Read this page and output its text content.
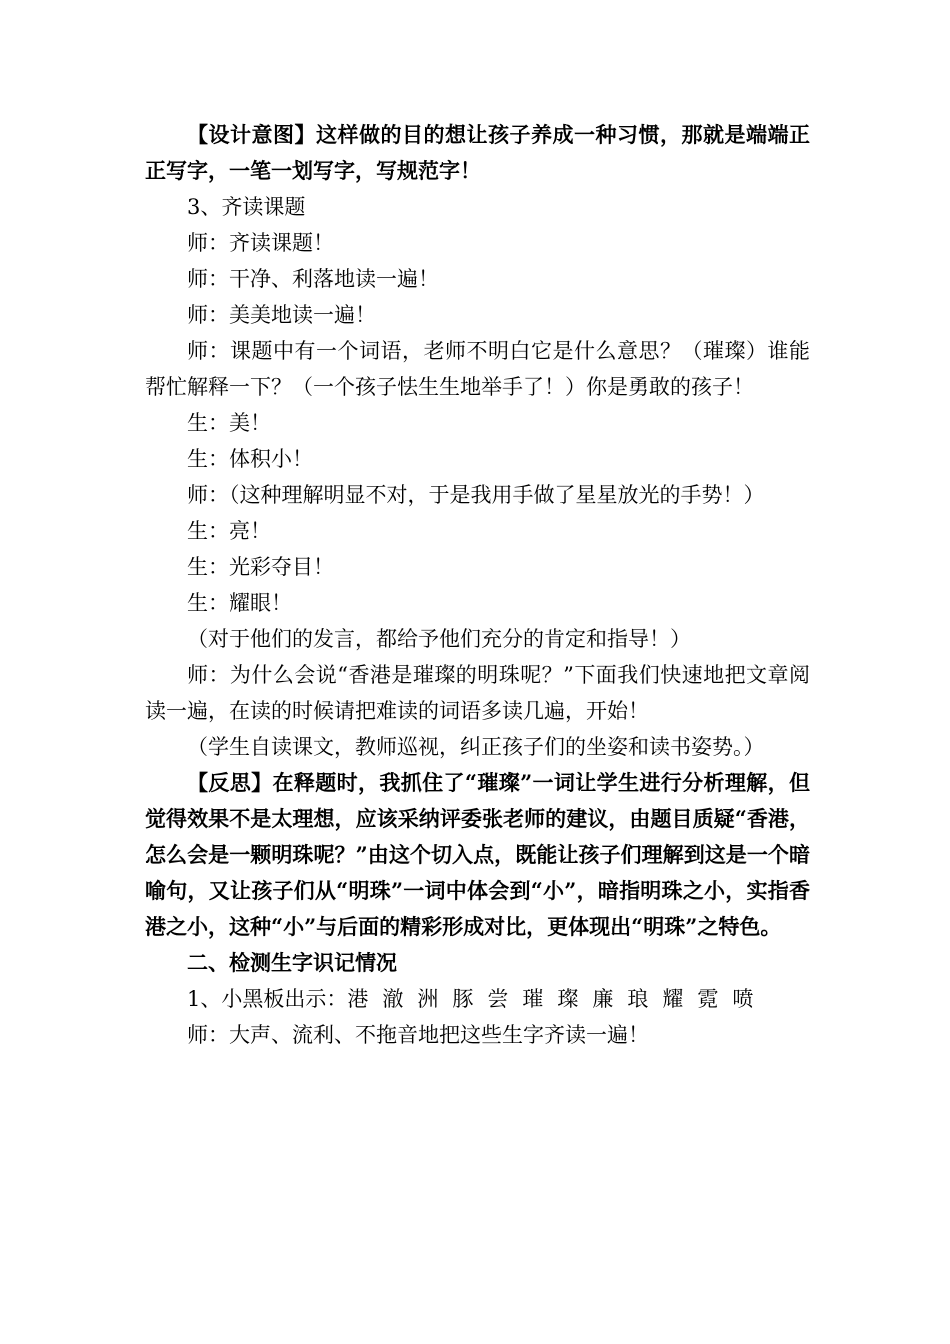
【设计意图】这样做的目的想让孩子养成一种习惯，那就是端端正正写字，一笔一划写字，写规范字！

3、齐读课题

师：齐读课题！

师：干净、利落地读一遍！

师：美美地读一遍！

师：课题中有一个词语，老师不明白它是什么意思？（璀璨）谁能帮忙解释一下？（一个孩子怯生生地举手了！）你是勇敢的孩子！

生：美！

生：体积小！

师：（这种理解明显不对，于是我用手做了星星放光的手势！）

生：亮！

生：光彩夺目！

生：耀眼！

（对于他们的发言，都给予他们充分的肯定和指导！）

师：为什么会说“香港是璀璨的明珠呢？”下面我们快速地把文章阅读一遍，在读的时候请把难读的词语多读几遍，开始！

（学生自读课文，教师巡视，纠正孩子们的坐姿和读书姿势。）

【反思】在释题时，我抓住了“璀璨”一词让学生进行分析理解，但觉得效果不是太理想，应该采纳评委张老师的建议，由题目质疑“香港，怎么会是一颗明珠呢？”由这个切入点，既能让孩子们理解到这是一个暗喻句，又让孩子们从“明珠”一词中体会到“小”，暗指明珠之小，实指香港之小，这种“小”与后面的精彩形成对比，更体现出“明珠”之特色。

二、检测生字识记情况

1、小黑板出示：港 澈 洲 豚 尝 璀 璨 廉 琅 耀 霓 喷

师：大声、流利、不拖音地把这些生字齐读一遍！
